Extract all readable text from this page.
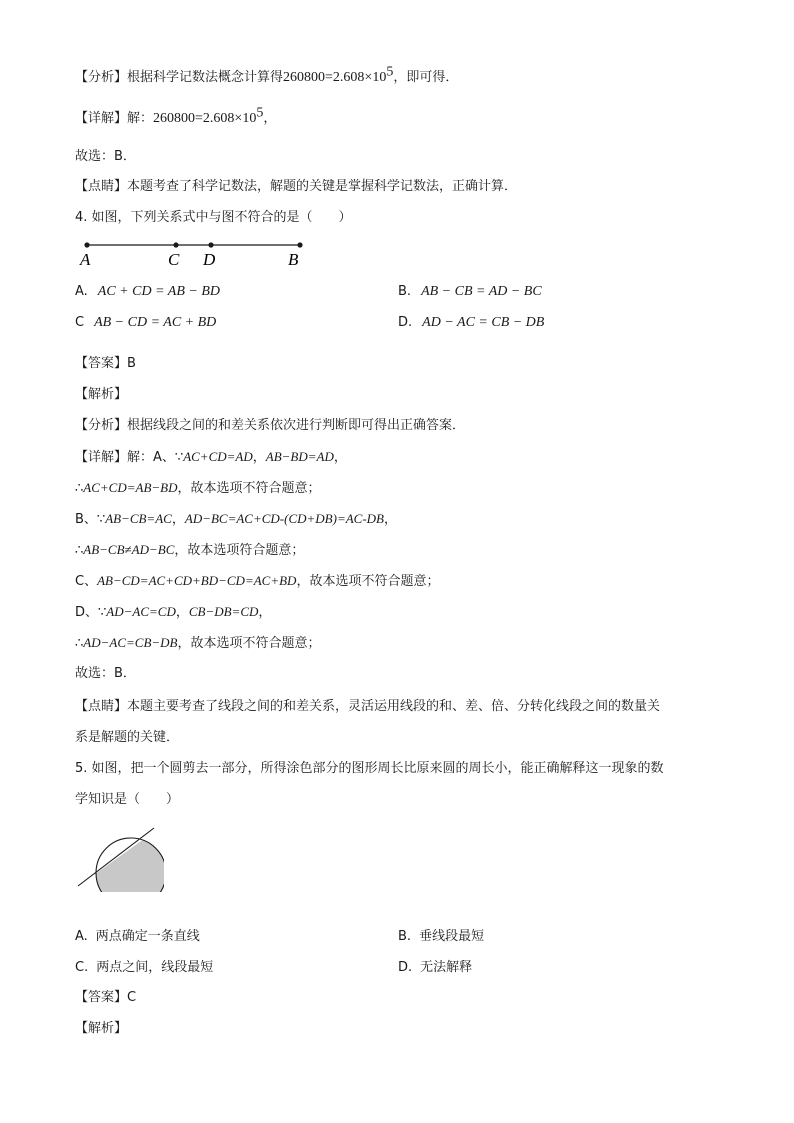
【分析】根据科学记数法概念计算得$260800=2.608\times 10^5$，即可得．
【详解】解：$260800=2.608\times 10^5$，
故选：B．
【点睛】本题考查了科学记数法，解题的关键是掌握科学记数法，正确计算．
4. 如图，下列关系式中与图不符合的是（　　）
A	C D	B
A. AC + CD = AB − BD	B. AB − CB = AD − BC
C AB − CD = AC + BD	D. AD − AC = CB − DB
【答案】B
【解析】
【分析】根据线段之间的和差关系依次进行判断即可得出正确答案．
【详解】解：A、∵AC+CD=AD，AB−BD=AD，
∴AC+CD=AB−BD，故本选项不符合题意；
B、∵AB−CB=AC，AD−BC=AC+CD-(CD+DB)=AC-DB，
∴AB−CB≠AD−BC，故本选项符合题意；
C、AB−CD=AC+CD+BD−CD=AC+BD，故本选项不符合题意；
D、∵AD−AC=CD，CB−DB=CD，
∴AD−AC=CB−DB，故本选项不符合题意；
故选：B．
【点睛】本题主要考查了线段之间的和差关系，灵活运用线段的和、差、倍、分转化线段之间的数量关
系是解题的关键．
5. 如图，把一个圆剪去一部分，所得涂色部分的图形周长比原来圆的周长小，能正确解释这一现象的数
学知识是（　　）
A. 两点确定一条直线	B. 垂线段最短
C. 两点之间，线段最短	D. 无法解释
【答案】C
【解析】
